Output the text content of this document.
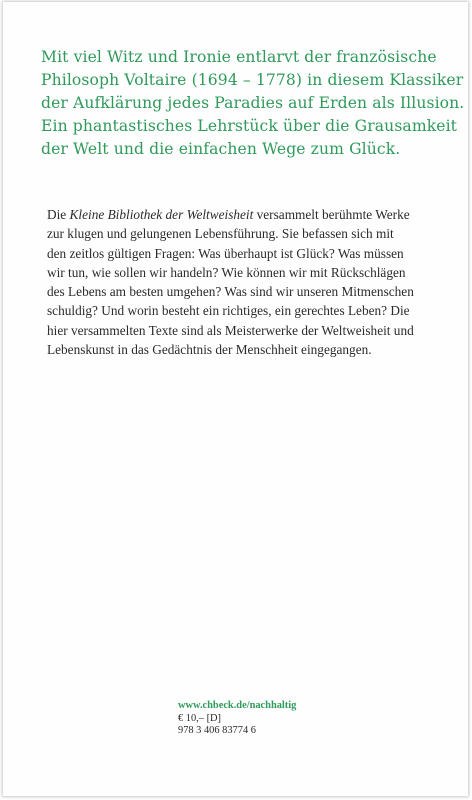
Mit viel Witz und Ironie entlarvt der französische
Philosoph Voltaire (1694 – 1778) in diesem Klassiker
der Aufklärung jedes Paradies auf Erden als Illusion.
Ein phantastisches Lehrstück über die Grausamkeit
der Welt und die einfachen Wege zum Glück.

Die Kleine Bibliothek der Weltweisheit versammelt berühmte Werke
zur klugen und gelungenen Lebensführung. Sie befassen sich mit
den zeitlos gültigen Fragen: Was überhaupt ist Glück? Was müssen
wir tun, wie sollen wir handeln? Wie können wir mit Rückschlägen
des Lebens am besten umgehen? Was sind wir unseren Mitmenschen
schuldig? Und worin besteht ein richtiges, ein gerechtes Leben? Die
hier versammelten Texte sind als Meisterwerke der Weltweisheit und
Lebenskunst in das Gedächtnis der Menschheit eingegangen.

www.chbeck.de/nachhaltig
€ 10,– [D]
978 3 406 83774 6
